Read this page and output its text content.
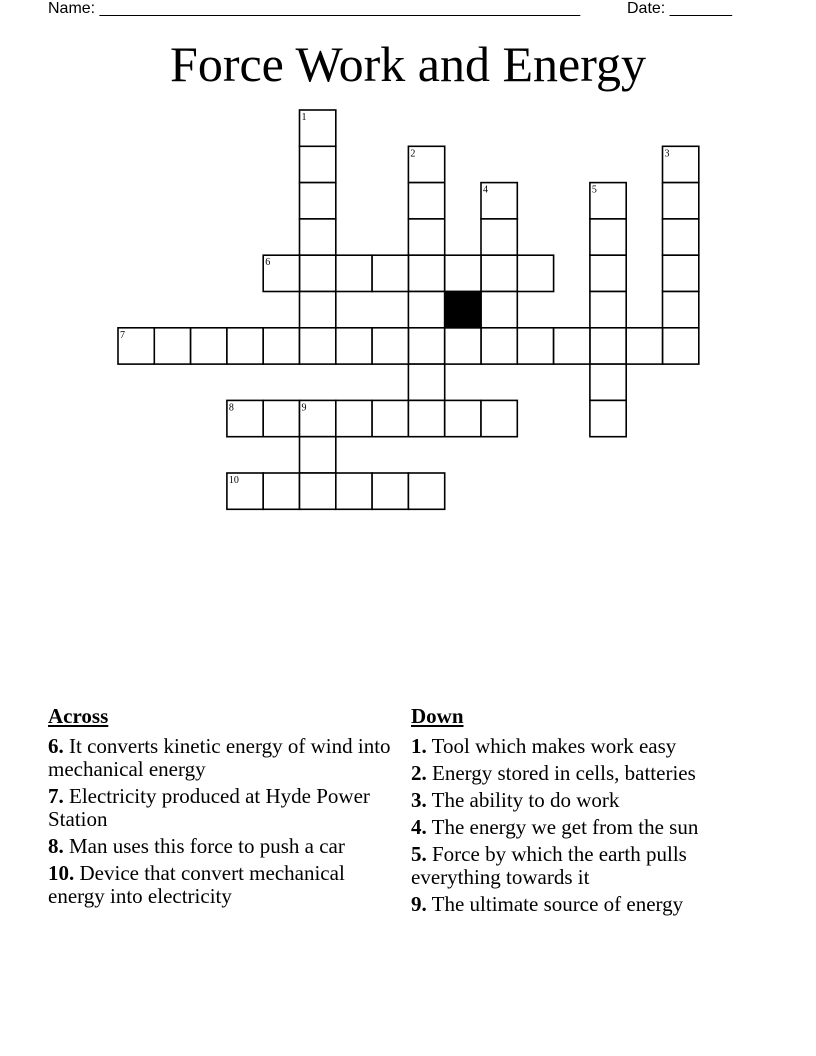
Name: ______________________________________________________	Date: _______
Force Work and Energy
1
2	3
4	5
6
7
8	9
10
Across
6. It converts kinetic energy of wind into mechanical energy
7. Electricity produced at Hyde Power Station
8. Man uses this force to push a car
10. Device that convert mechanical energy into electricity
Down
1. Tool which makes work easy
2. Energy stored in cells, batteries
3. The ability to do work
4. The energy we get from the sun
5. Force by which the earth pulls everything towards it
9. The ultimate source of energy
